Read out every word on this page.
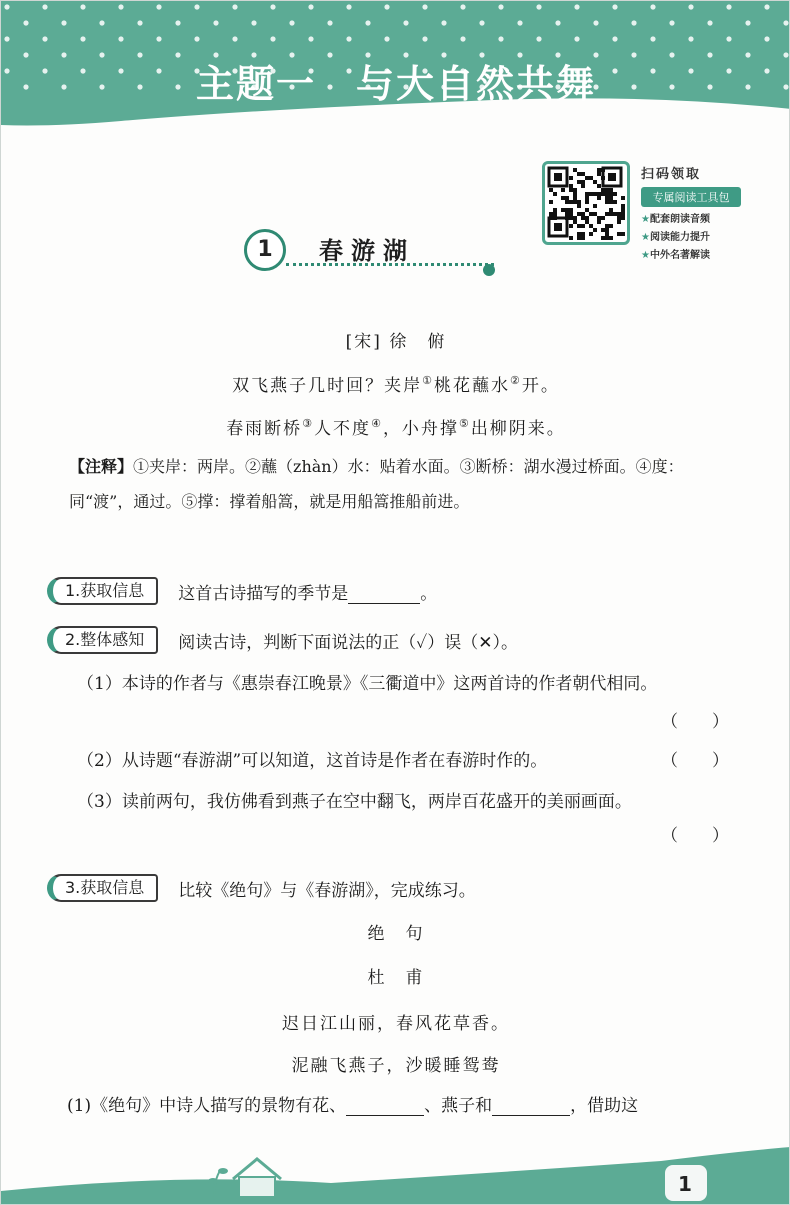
主题一　与大自然共舞
扫码领取
专属阅读工具包
★配套朗读音频
★阅读能力提升
★中外名著解读
1	春游湖
[宋] 徐　俯
双飞燕子几时回？夹岸①桃花蘸水②开。
春雨断桥③人不度④，小舟撑⑤出柳阴来。
【注释】①夹岸：两岸。②蘸（zhàn）水：贴着水面。③断桥：湖水漫过桥面。④度：同“渡”，通过。⑤撑：撑着船篙，就是用船篙推船前进。
1.获取信息	这首古诗描写的季节是	。
2.整体感知	阅读古诗，判断下面说法的正（✓）误（✕）。
（1）本诗的作者与《惠崇春江晚景》《三衢道中》这两首诗的作者朝代相同。
（　　）
（2）从诗题“春游湖”可以知道，这首诗是作者在春游时作的。	（　　）
（3）读前两句，我仿佛看到燕子在空中翻飞，两岸百花盛开的美丽画面。
（　　）
3.获取信息	比较《绝句》与《春游湖》，完成练习。
绝　句
杜　甫
迟日江山丽，春风花草香。
泥融飞燕子，沙暖睡鸳鸯
(1)《绝句》中诗人描写的景物有花、	、燕子和	，借助这
1
